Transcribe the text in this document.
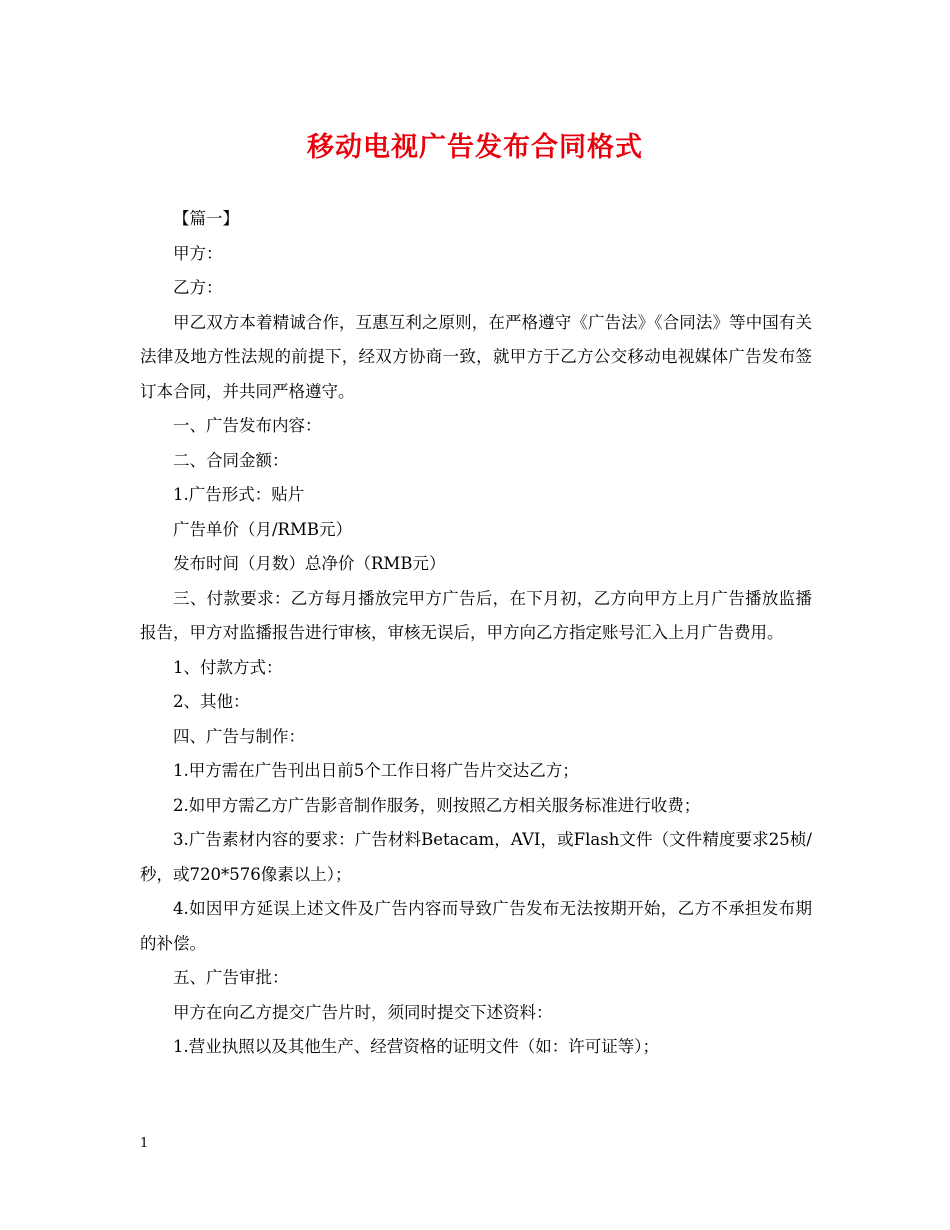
移动电视广告发布合同格式

【篇一】

甲方：

乙方：

甲乙双方本着精诚合作，互惠互利之原则，在严格遵守《广告法》《合同法》等中国有关法律及地方性法规的前提下，经双方协商一致，就甲方于乙方公交移动电视媒体广告发布签订本合同，并共同严格遵守。

一、广告发布内容：

二、合同金额：

1.广告形式：贴片

广告单价（月/RMB元）

发布时间（月数）总净价（RMB元）

三、付款要求：乙方每月播放完甲方广告后，在下月初，乙方向甲方上月广告播放监播报告，甲方对监播报告进行审核，审核无误后，甲方向乙方指定账号汇入上月广告费用。

1、付款方式：

2、其他：

四、广告与制作：

1.甲方需在广告刊出日前5个工作日将广告片交达乙方；

2.如甲方需乙方广告影音制作服务，则按照乙方相关服务标准进行收费；

3.广告素材内容的要求：广告材料Betacam，AVI，或Flash文件（文件精度要求25桢/秒，或720*576像素以上）；

4.如因甲方延误上述文件及广告内容而导致广告发布无法按期开始，乙方不承担发布期的补偿。

五、广告审批：

甲方在向乙方提交广告片时，须同时提交下述资料：

1.营业执照以及其他生产、经营资格的证明文件（如：许可证等）；

1
